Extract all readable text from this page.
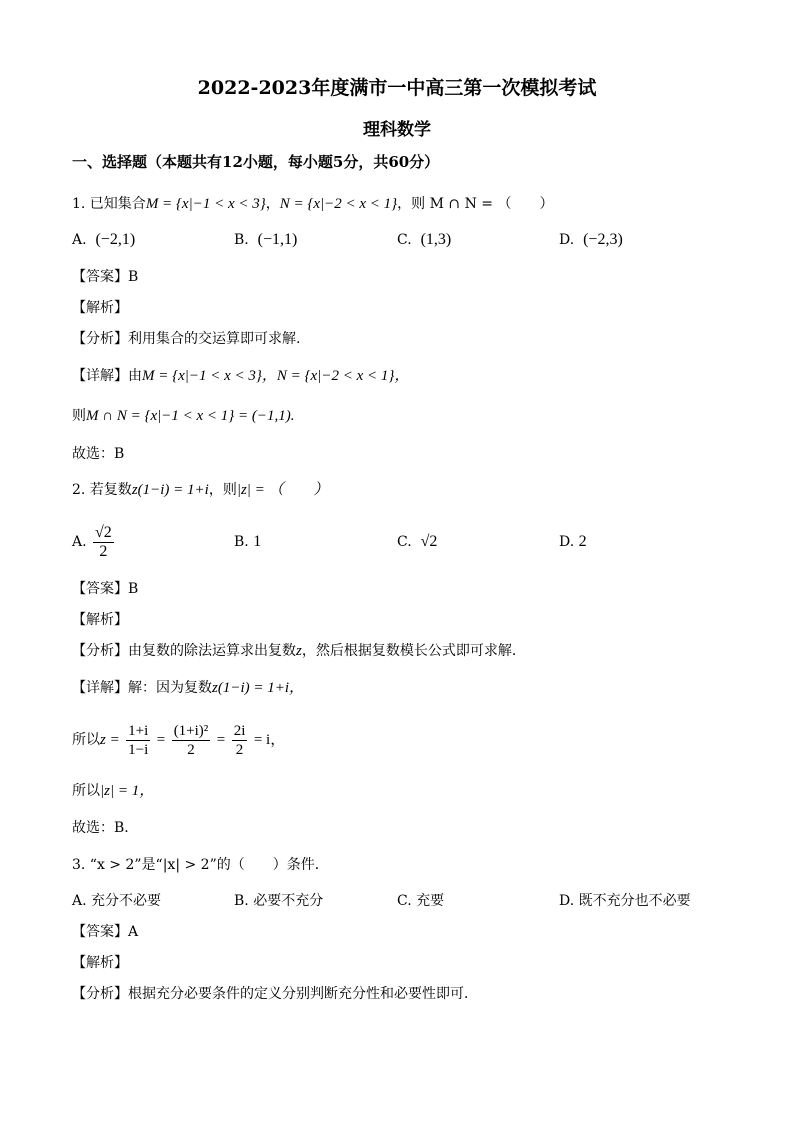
2022-2023年度满市一中高三第一次模拟考试
理科数学
一、选择题（本题共有12小题，每小题5分，共60分）
1. 已知集合M = {x|−1 < x < 3}，N = {x|−2 < x < 1}，则 M ∩ N = （　　）
A. (−2,1)	B. (−1,1)	C. (1,3)	D. (−2,3)
【答案】B
【解析】
【分析】利用集合的交运算即可求解.
【详解】由M = {x|−1 < x < 3}，N = {x|−2 < x < 1}，
则M ∩ N = {x|−1 < x < 1} = (−1,1).
故选：B
2. 若复数z(1−i) = 1+i，则|z| = （　　）
A. $\frac{√2}{2}$	B. 1	C. √2	D. 2
【答案】B
【解析】
【分析】由复数的除法运算求出复数z，然后根据复数模长公式即可求解.
【详解】解：因为复数z(1−i) = 1+i，
所以$z = \frac{1+i}{1-i} = \frac{\text{(1+i)²}}{2} = \frac{2i}{2} = i$，
所以|z| = 1，
故选：B.
3. “x > 2”是“|x| > 2”的（　　）条件．
A. 充分不必要	B. 必要不充分	C. 充要	D. 既不充分也不必要
【答案】A
【解析】
【分析】根据充分必要条件的定义分别判断充分性和必要性即可．
